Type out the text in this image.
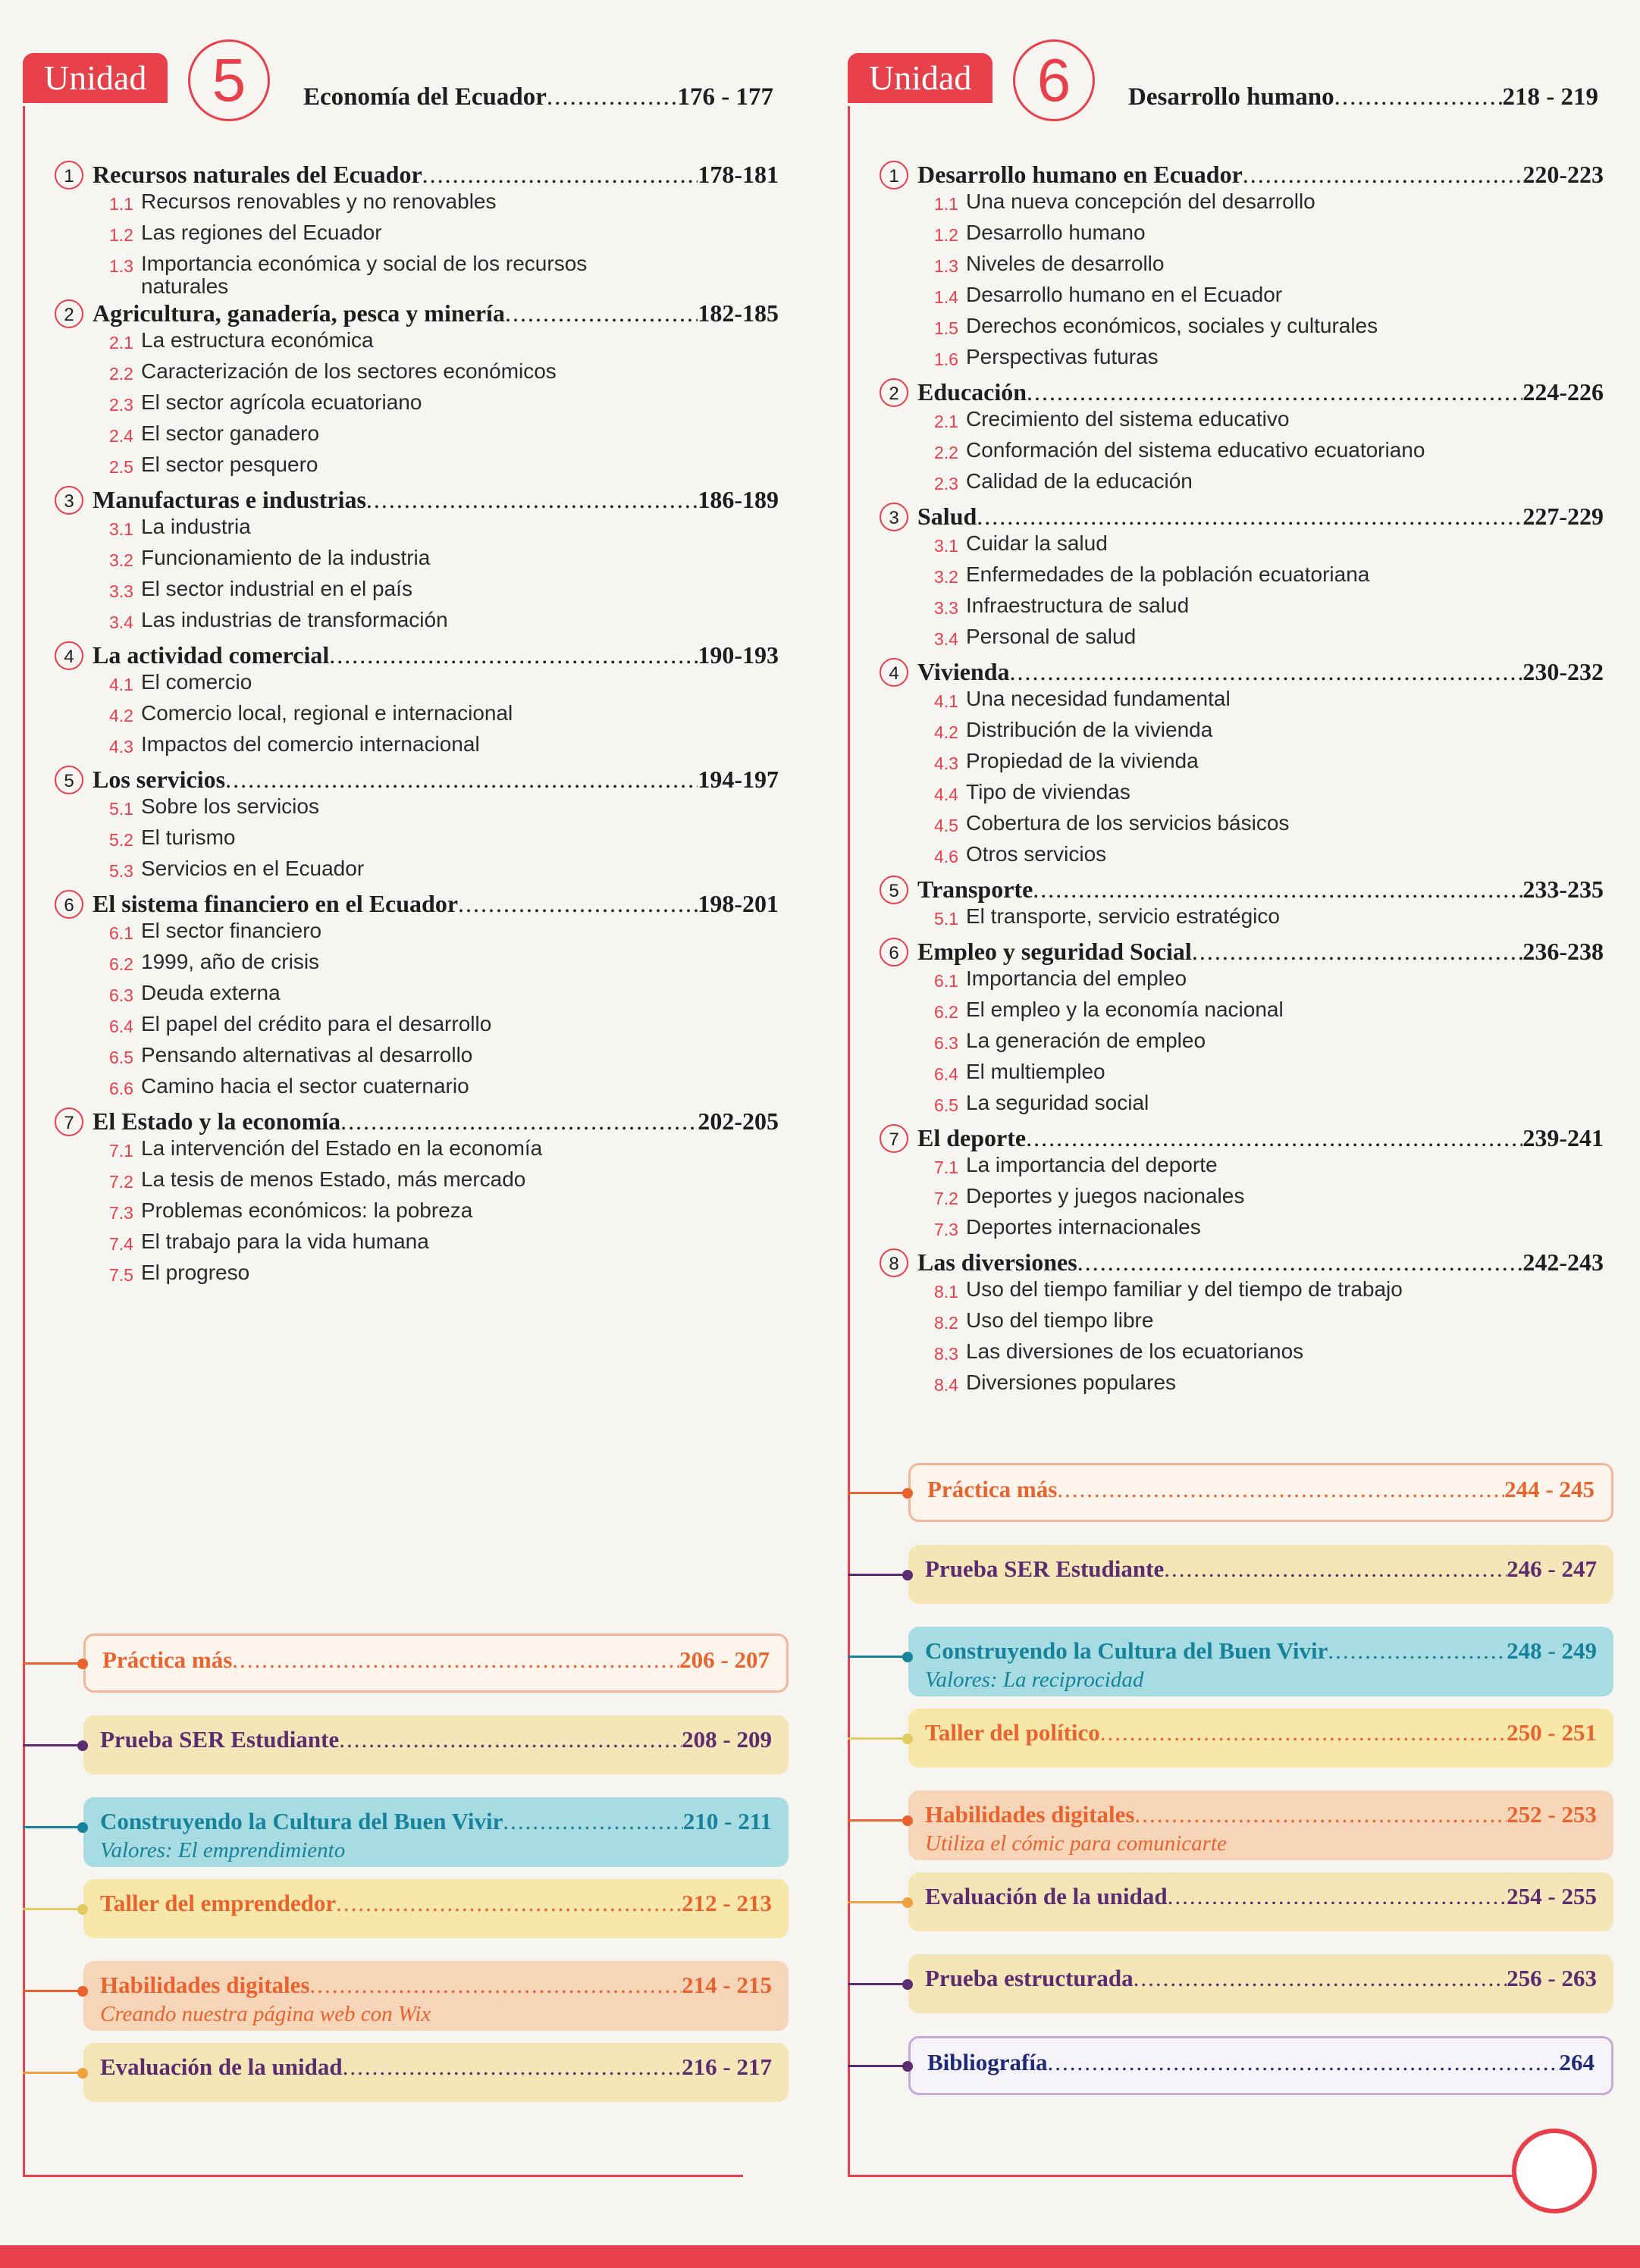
Unidad	5	Economía del Ecuador .....	176 - 177
1 Recursos naturales del Ecuador .....	178-181
1.1 Recursos renovables y no renovables
1.2 Las regiones del Ecuador
1.3 Importancia económica y social de los recursos naturales
2 Agricultura, ganadería, pesca y minería .....	182-185
2.1 La estructura económica
2.2 Caracterización de los sectores económicos
2.3 El sector agrícola ecuatoriano
2.4 El sector ganadero
2.5 El sector pesquero
3 Manufacturas e industrias .....	186-189
3.1 La industria
3.2 Funcionamiento de la industria
3.3 El sector industrial en el país
3.4 Las industrias de transformación
4 La actividad comercial .....	190-193
4.1 El comercio
4.2 Comercio local, regional e internacional
4.3 Impactos del comercio internacional
5 Los servicios .....	194-197
5.1 Sobre los servicios
5.2 El turismo
5.3 Servicios en el Ecuador
6 El sistema financiero en el Ecuador .....	198-201
6.1 El sector financiero
6.2 1999, año de crisis
6.3 Deuda externa
6.4 El papel del crédito para el desarrollo
6.5 Pensando alternativas al desarrollo
6.6 Camino hacia el sector cuaternario
7 El Estado y la economía .....	202-205
7.1 La intervención del Estado en la economía
7.2 La tesis de menos Estado, más mercado
7.3 Problemas económicos: la pobreza
7.4 El trabajo para la vida humana
7.5 El progreso
Práctica más .....	206 - 207
Prueba SER Estudiante .....	208 - 209
Construyendo la Cultura del Buen Vivir .....	210 - 211
Valores: El emprendimiento
Taller del emprendedor .....	212 - 213
Habilidades digitales .....	214 - 215
Creando nuestra página web con Wix
Evaluación de la unidad .....	216 - 217
Unidad	6	Desarrollo humano .....	218 - 219
1 Desarrollo humano en Ecuador .....	220-223
1.1 Una nueva concepción del desarrollo
1.2 Desarrollo humano
1.3 Niveles de desarrollo
1.4 Desarrollo humano en el Ecuador
1.5 Derechos económicos, sociales y culturales
1.6 Perspectivas futuras
2 Educación .....	224-226
2.1 Crecimiento del sistema educativo
2.2 Conformación del sistema educativo ecuatoriano
2.3 Calidad de la educación
3 Salud .....	227-229
3.1 Cuidar la salud
3.2 Enfermedades de la población ecuatoriana
3.3 Infraestructura de salud
3.4 Personal de salud
4 Vivienda .....	230-232
4.1 Una necesidad fundamental
4.2 Distribución de la vivienda
4.3 Propiedad de la vivienda
4.4 Tipo de viviendas
4.5 Cobertura de los servicios básicos
4.6 Otros servicios
5 Transporte .....	233-235
5.1 El transporte, servicio estratégico
6 Empleo y seguridad Social .....	236-238
6.1 Importancia del empleo
6.2 El empleo y la economía nacional
6.3 La generación de empleo
6.4 El multiempleo
6.5 La seguridad social
7 El deporte .....	239-241
7.1 La importancia del deporte
7.2 Deportes y juegos nacionales
7.3 Deportes internacionales
8 Las diversiones .....	242-243
8.1 Uso del tiempo familiar y del tiempo de trabajo
8.2 Uso del tiempo libre
8.3 Las diversiones de los ecuatorianos
8.4 Diversiones populares
Práctica más .....	244 - 245
Prueba SER Estudiante .....	246 - 247
Construyendo la Cultura del Buen Vivir .....	248 - 249
Valores: La reciprocidad
Taller del político .....	250 - 251
Habilidades digitales .....	252 - 253
Utiliza el cómic para comunicarte
Evaluación de la unidad .....	254 - 255
Prueba estructurada .....	256 - 263
Bibliografía .....	264
